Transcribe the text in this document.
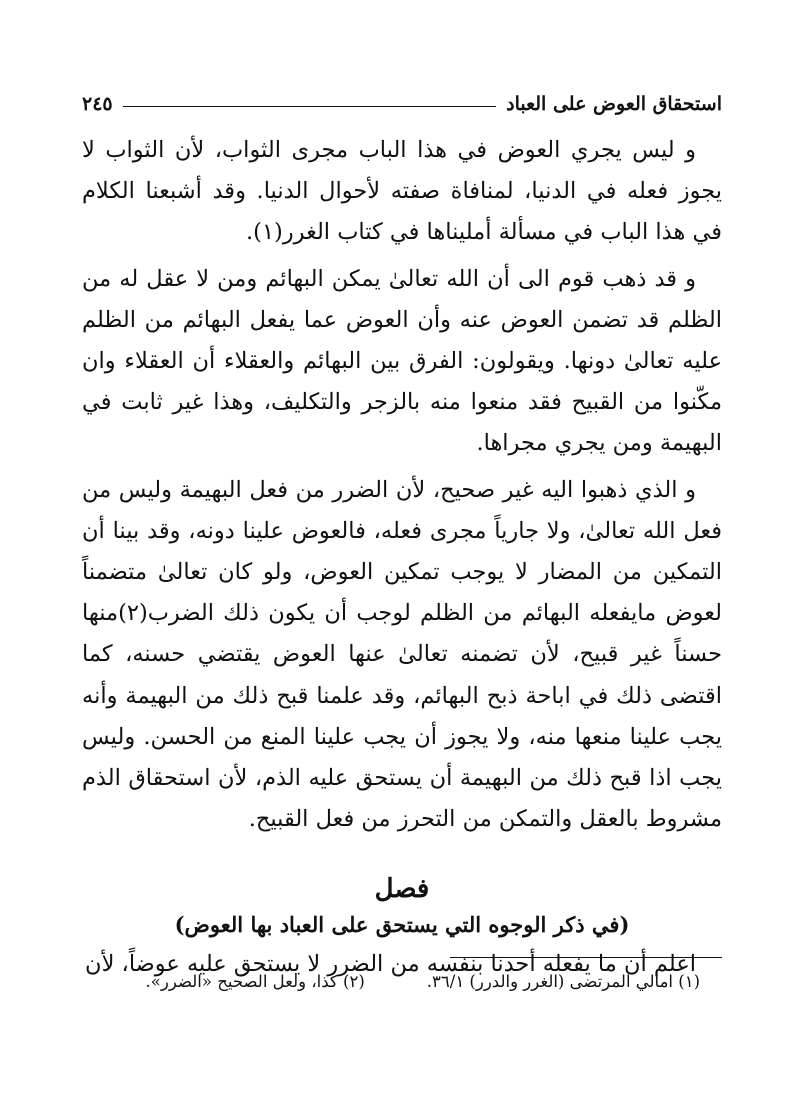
استحقاق العوض على العباد
٢٤٥

و ليس يجري العوض في هذا الباب مجرى الثواب، لأن الثواب لا يجوز فعله في الدنيا، لمنافاة صفته لأحوال الدنيا. وقد أشبعنا الكلام في هذا الباب في مسألة أمليناها في كتاب الغرر(١).

و قد ذهب قوم الى أن الله تعالىٰ يمكن البهائم ومن لا عقل له من الظلم قد تضمن العوض عنه وأن العوض عما يفعل البهائم من الظلم عليه تعالىٰ دونها. ويقولون: الفرق بين البهائم والعقلاء أن العقلاء وان مكّنوا من القبيح فقد منعوا منه بالزجر والتكليف، وهذا غير ثابت في البهيمة ومن يجري مجراها.

و الذي ذهبوا اليه غير صحيح، لأن الضرر من فعل البهيمة وليس من فعل الله تعالىٰ، ولا جارياً مجرى فعله، فالعوض علينا دونه، وقد بينا أن التمكين من المضار لا يوجب تمكين العوض، ولو كان تعالىٰ متضمناً لعوض مايفعله البهائم من الظلم لوجب أن يكون ذلك الضرب(٢)منها حسناً غير قبيح، لأن تضمنه تعالىٰ عنها العوض يقتضي حسنه، كما اقتضى ذلك في اباحة ذبح البهائم، وقد علمنا قبح ذلك من البهيمة وأنه يجب علينا منعها منه، ولا يجوز أن يجب علينا المنع من الحسن. وليس يجب اذا قبح ذلك من البهيمة أن يستحق عليه الذم، لأن استحقاق الذم مشروط بالعقل والتمكن من التحرز من فعل القبيح.

فصل
(في ذكر الوجوه التي يستحق على العباد بها العوض)

اعلم أن ما يفعله أحدنا بنفسه من الضرر لا يستحق عليه عوضاً، لأن

(١) امالي المرتضى (الغرر والدرر) ٣٦/١.
(٢) كذا، ولعل الصحيح «الضرر».
